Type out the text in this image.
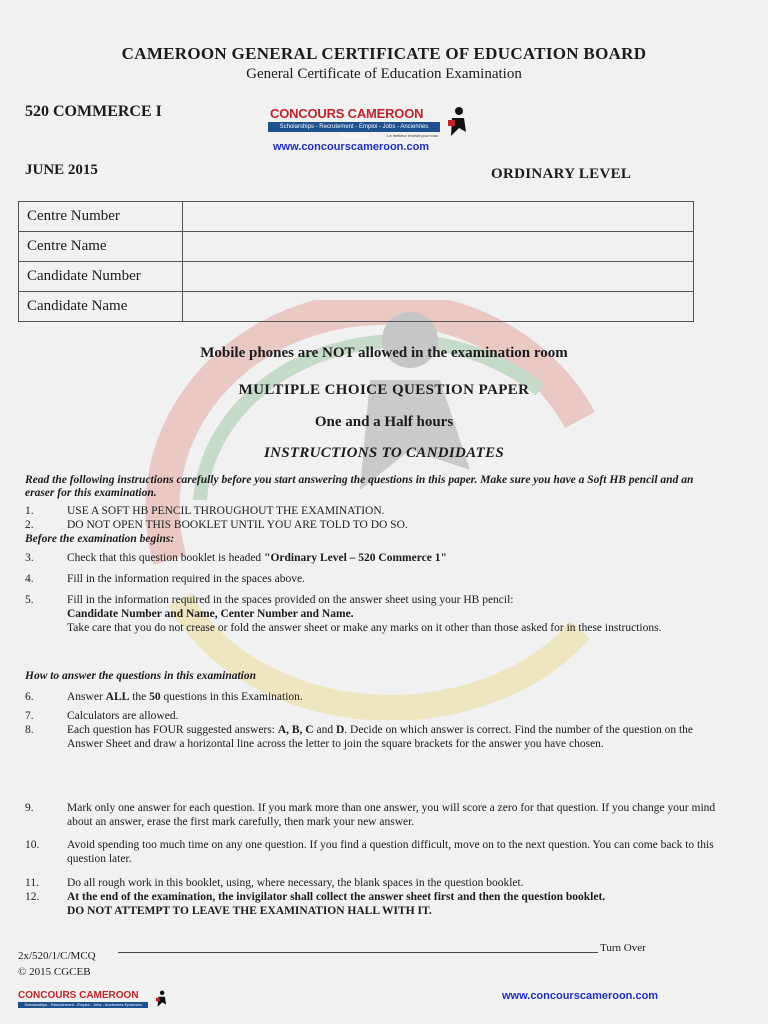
CAMEROON GENERAL CERTIFICATE OF EDUCATION BOARD
General Certificate of Education Examination
520 COMMERCE I
JUNE 2015	ORDINARY LEVEL
CONCOURS CAMEROON
Scholarships - Recrutement - Emploi - Jobs - Anciennes Epreuves	Le meilleur endroit pour tous
www.concourscameroon.com
Centre Number	
Centre Name	
Candidate Number	
Candidate Name	
Mobile phones are NOT allowed in the examination room
MULTIPLE CHOICE QUESTION PAPER
One and a Half hours
INSTRUCTIONS TO CANDIDATES
Read the following instructions carefully before you start answering the questions in this paper. Make sure you have a Soft HB pencil and an eraser for this examination.
1.	USE A SOFT HB PENCIL THROUGHOUT THE EXAMINATION.
2.	DO NOT OPEN THIS BOOKLET UNTIL YOU ARE TOLD TO DO SO.
Before the examination begins:
3.	Check that this question booklet is headed "Ordinary Level – 520 Commerce 1"
4.	Fill in the information required in the spaces above.
5.	Fill in the information required in the spaces provided on the answer sheet using your HB pencil:
Candidate Number and Name, Center Number and Name.
Take care that you do not crease or fold the answer sheet or make any marks on it other than those asked for in these instructions.
How to answer the questions in this examination
6.	Answer ALL the 50 questions in this Examination.
7.	Calculators are allowed.
8.	Each question has FOUR suggested answers: A, B, C and D. Decide on which answer is correct. Find the number of the question on the Answer Sheet and draw a horizontal line across the letter to join the square brackets for the answer you have chosen.
9.	Mark only one answer for each question. If you mark more than one answer, you will score a zero for that question. If you change your mind about an answer, erase the first mark carefully, then mark your new answer.
10. Avoid spending too much time on any one question. If you find a question difficult, move on to the next question. You can come back to this question later.
11. Do all rough work in this booklet, using, where necessary, the blank spaces in the question booklet.
12. At the end of the examination, the invigilator shall collect the answer sheet first and then the question booklet.
DO NOT ATTEMPT TO LEAVE THE EXAMINATION HALL WITH IT.
2x/520/1/C/MCQ
Turn Over
© 2015 CGCEB
CONCOURS CAMEROON
Scholarships - Recrutement - Emploi - Jobs - Anciennes Epreuves
www.concourscameroon.com
